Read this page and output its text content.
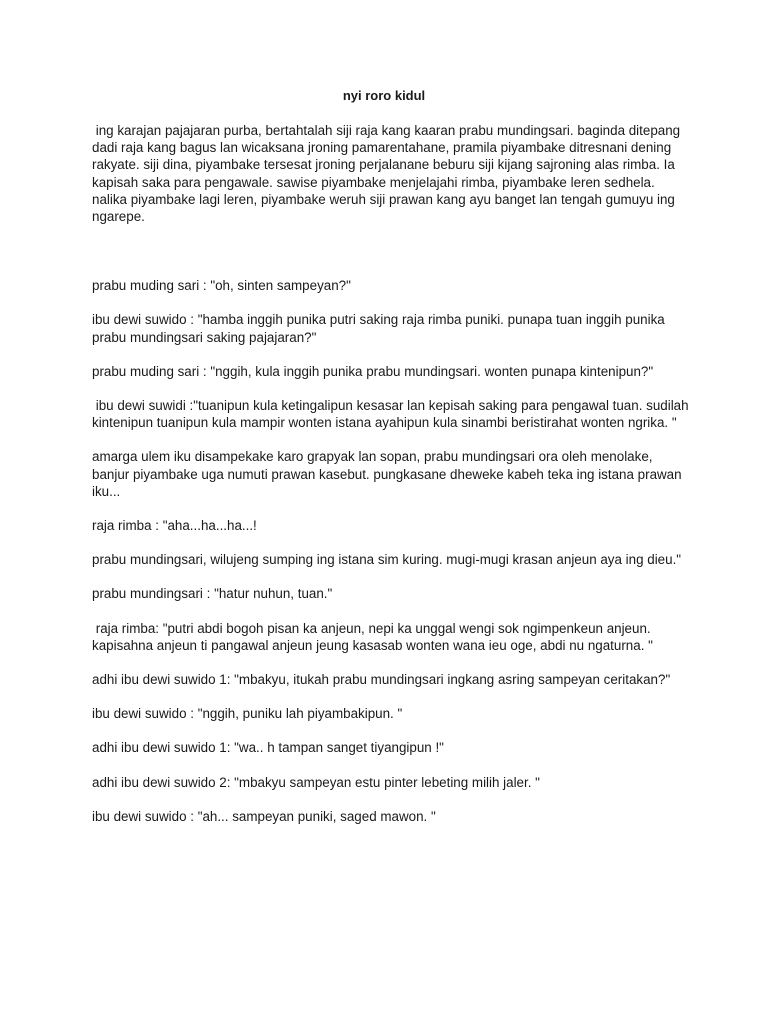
nyi roro kidul

ing karajan pajajaran purba, bertahtalah siji raja kang kaaran prabu mundingsari. baginda ditepang dadi raja kang bagus lan wicaksana jroning pamarentahane, pramila piyambake ditresnani dening rakyate. siji dina, piyambake tersesat jroning perjalanane beburu siji kijang sajroning alas rimba. Ia kapisah saka para pengawale. sawise piyambake menjelajahi rimba, piyambake leren sedhela. nalika piyambake lagi leren, piyambake weruh siji prawan kang ayu banget lan tengah gumuyu ing ngarepe.

prabu muding sari : "oh, sinten sampeyan?"

ibu dewi suwido : "hamba inggih punika putri saking raja rimba puniki. punapa tuan inggih punika prabu mundingsari saking pajajaran?"

prabu muding sari : "nggih, kula inggih punika prabu mundingsari. wonten punapa kintenipun?"

ibu dewi suwidi :"tuanipun kula ketingalipun kesasar lan kepisah saking para pengawal tuan. sudilah kintenipun tuanipun kula mampir wonten istana ayahipun kula sinambi beristirahat wonten ngrika. "

amarga ulem iku disampekake karo grapyak lan sopan, prabu mundingsari ora oleh menolake, banjur piyambake uga numuti prawan kasebut. pungkasane dheweke kabeh teka ing istana prawan iku...

raja rimba : "aha...ha...ha...!

prabu mundingsari, wilujeng sumping ing istana sim kuring. mugi-mugi krasan anjeun aya ing dieu."

prabu mundingsari : "hatur nuhun, tuan."

raja rimba: "putri abdi bogoh pisan ka anjeun, nepi ka unggal wengi sok ngimpenkeun anjeun. kapisahna anjeun ti pangawal anjeun jeung kasasab wonten wana ieu oge, abdi nu ngaturna. "

adhi ibu dewi suwido 1: "mbakyu, itukah prabu mundingsari ingkang asring sampeyan ceritakan?"

ibu dewi suwido : "nggih, puniku lah piyambakipun. "

adhi ibu dewi suwido 1: "wa.. h tampan sanget tiyangipun !"

adhi ibu dewi suwido 2: "mbakyu sampeyan estu pinter lebeting milih jaler. "

ibu dewi suwido : "ah... sampeyan puniki, saged mawon. "
